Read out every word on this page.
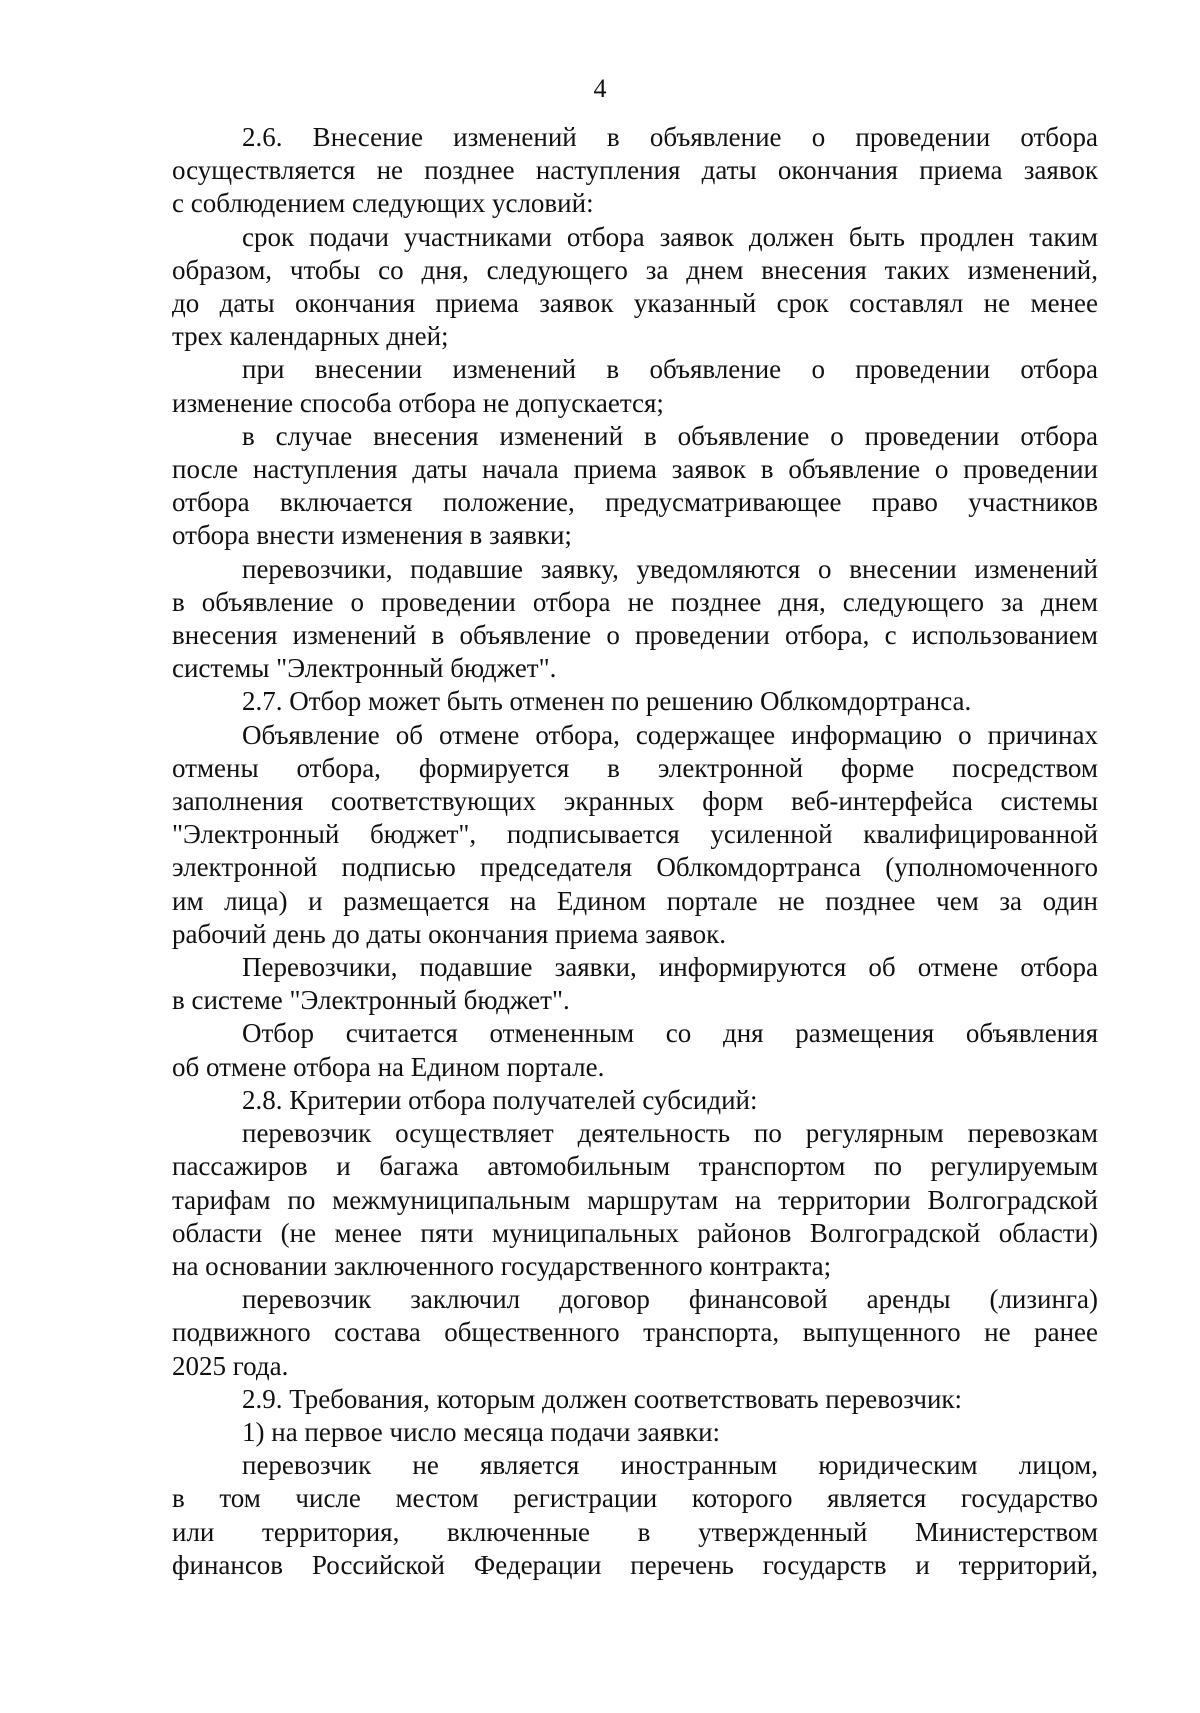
4
2.6. Внесение изменений в объявление о проведении отбора
осуществляется не позднее наступления даты окончания приема заявок
с соблюдением следующих условий:
срок подачи участниками отбора заявок должен быть продлен таким
образом, чтобы со дня, следующего за днем внесения таких изменений,
до даты окончания приема заявок указанный срок составлял не менее
трех календарных дней;
при внесении изменений в объявление о проведении отбора
изменение способа отбора не допускается;
в случае внесения изменений в объявление о проведении отбора
после наступления даты начала приема заявок в объявление о проведении
отбора включается положение, предусматривающее право участников
отбора внести изменения в заявки;
перевозчики, подавшие заявку, уведомляются о внесении изменений
в объявление о проведении отбора не позднее дня, следующего за днем
внесения изменений в объявление о проведении отбора, с использованием
системы "Электронный бюджет".
2.7. Отбор может быть отменен по решению Облкомдортранса.
Объявление об отмене отбора, содержащее информацию о причинах
отмены отбора, формируется в электронной форме посредством
заполнения соответствующих экранных форм веб-интерфейса системы
"Электронный бюджет", подписывается усиленной квалифицированной
электронной подписью председателя Облкомдортранса (уполномоченного
им лица) и размещается на Едином портале не позднее чем за один
рабочий день до даты окончания приема заявок.
Перевозчики, подавшие заявки, информируются об отмене отбора
в системе "Электронный бюджет".
Отбор считается отмененным со дня размещения объявления
об отмене отбора на Едином портале.
2.8. Критерии отбора получателей субсидий:
перевозчик осуществляет деятельность по регулярным перевозкам
пассажиров и багажа автомобильным транспортом по регулируемым
тарифам по межмуниципальным маршрутам на территории Волгоградской
области (не менее пяти муниципальных районов Волгоградской области)
на основании заключенного государственного контракта;
перевозчик заключил договор финансовой аренды (лизинга)
подвижного состава общественного транспорта, выпущенного не ранее
2025 года.
2.9. Требования, которым должен соответствовать перевозчик:
1) на первое число месяца подачи заявки:
перевозчик не является иностранным юридическим лицом,
в том числе местом регистрации которого является государство
или территория, включенные в утвержденный Министерством
финансов Российской Федерации перечень государств и территорий,
